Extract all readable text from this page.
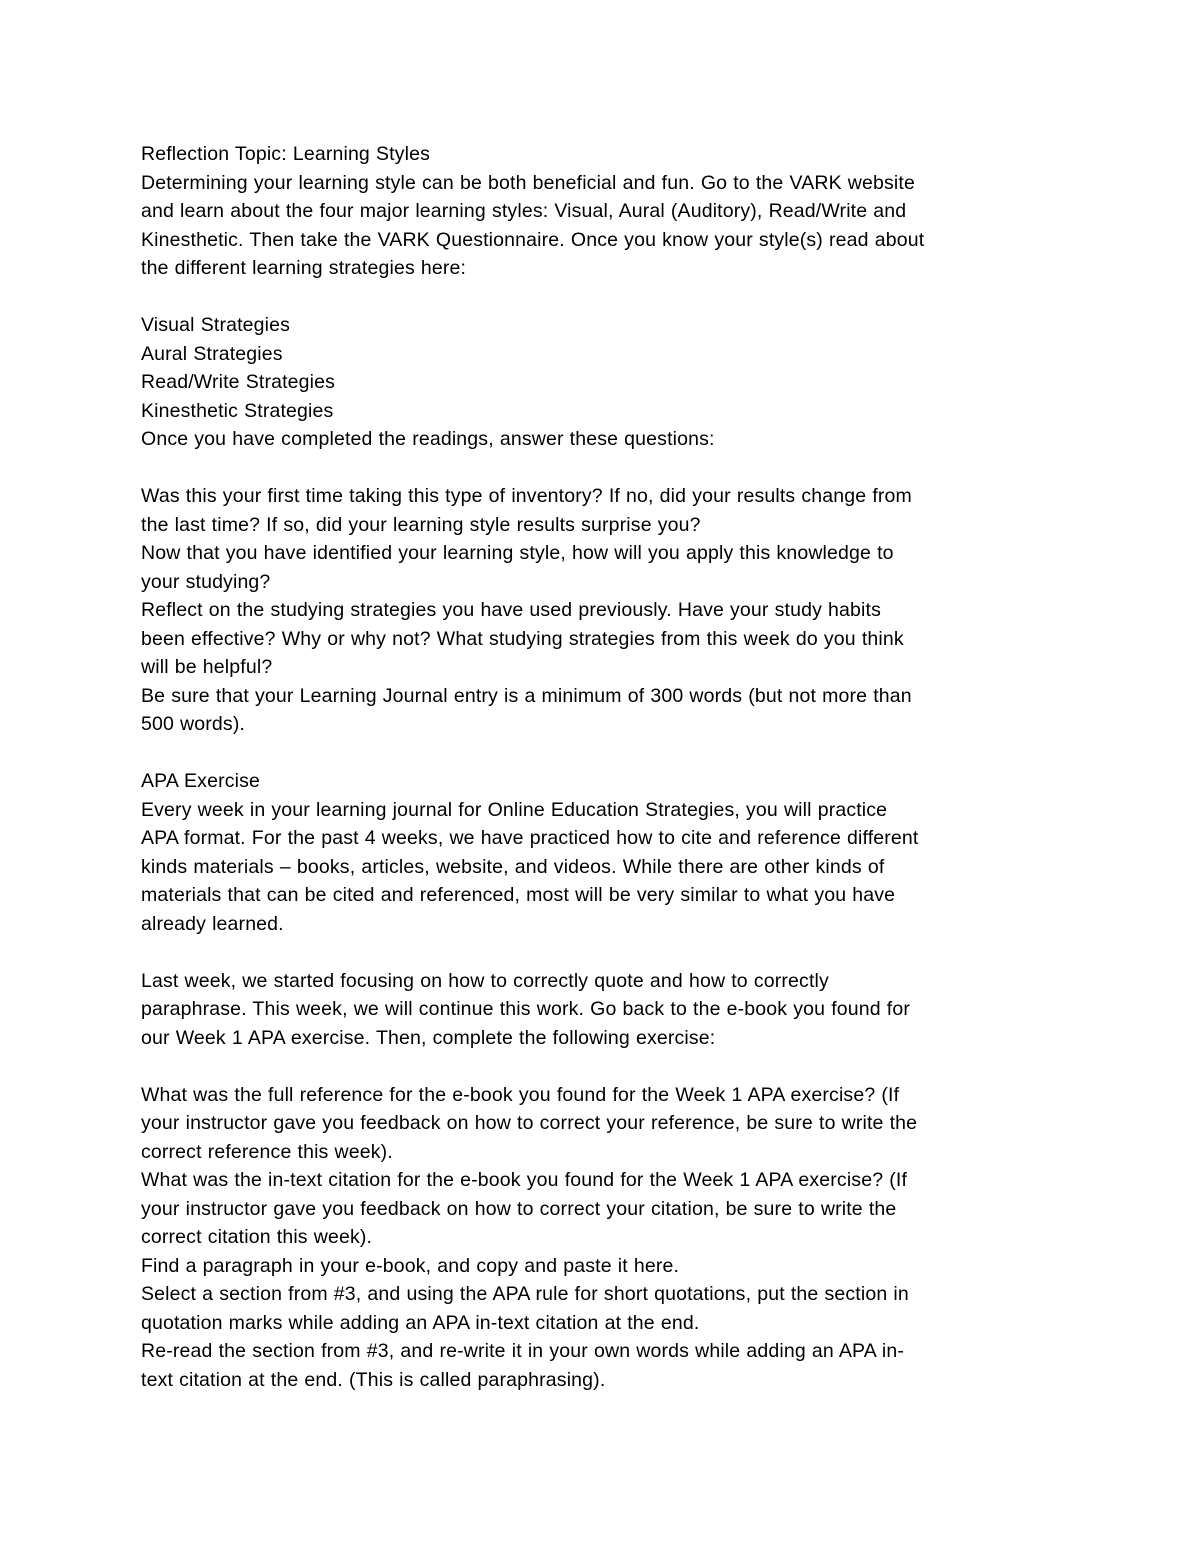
Reflection Topic: Learning Styles
Determining your learning style can be both beneficial and fun. Go to the VARK website
and learn about the four major learning styles: Visual, Aural (Auditory), Read/Write and
Kinesthetic. Then take the VARK Questionnaire. Once you know your style(s) read about
the different learning strategies here:
Visual Strategies
Aural Strategies
Read/Write Strategies
Kinesthetic Strategies
Once you have completed the readings, answer these questions:
Was this your first time taking this type of inventory? If no, did your results change from
the last time? If so, did your learning style results surprise you?
Now that you have identified your learning style, how will you apply this knowledge to
your studying?
Reflect on the studying strategies you have used previously. Have your study habits
been effective? Why or why not? What studying strategies from this week do you think
will be helpful?
Be sure that your Learning Journal entry is a minimum of 300 words (but not more than
500 words).
APA Exercise
Every week in your learning journal for Online Education Strategies, you will practice
APA format. For the past 4 weeks, we have practiced how to cite and reference different
kinds materials – books, articles, website, and videos. While there are other kinds of
materials that can be cited and referenced, most will be very similar to what you have
already learned.
Last week, we started focusing on how to correctly quote and how to correctly
paraphrase. This week, we will continue this work. Go back to the e-book you found for
our Week 1 APA exercise. Then, complete the following exercise:
What was the full reference for the e-book you found for the Week 1 APA exercise? (If
your instructor gave you feedback on how to correct your reference, be sure to write the
correct reference this week).
What was the in-text citation for the e-book you found for the Week 1 APA exercise? (If
your instructor gave you feedback on how to correct your citation, be sure to write the
correct citation this week).
Find a paragraph in your e-book, and copy and paste it here.
Select a section from #3, and using the APA rule for short quotations, put the section in
quotation marks while adding an APA in-text citation at the end.
Re-read the section from #3, and re-write it in your own words while adding an APA in-
text citation at the end. (This is called paraphrasing).
